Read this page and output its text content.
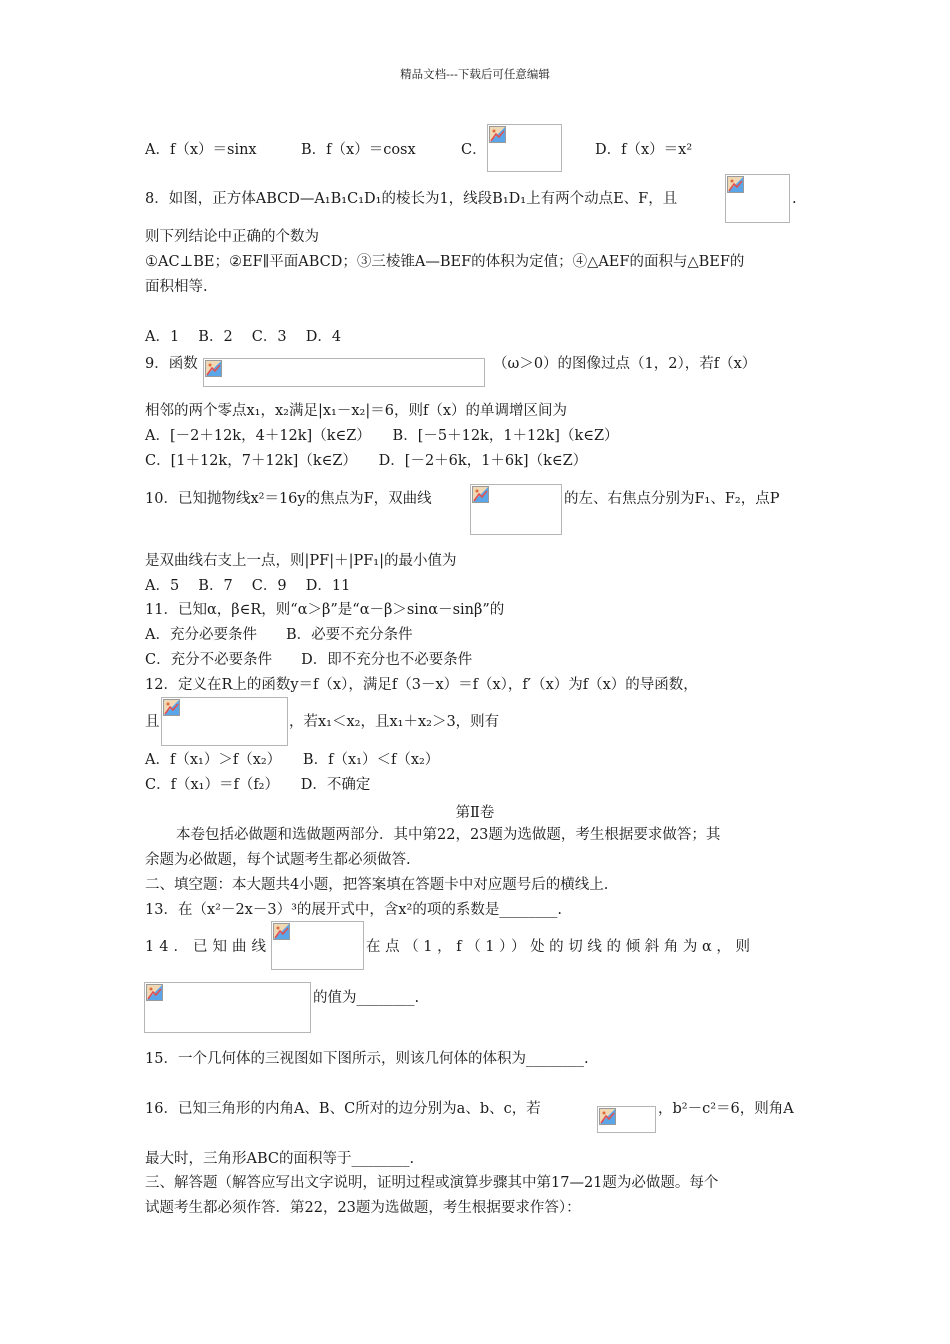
精品文档---下载后可任意编辑
A．f（x）＝sinx	B．f（x）＝cosx	C．	D．f（x）＝x²
8．如图，正方体ABCD—A₁B₁C₁D₁的棱长为1，线段B₁D₁上有两个动点E、F，且	.
则下列结论中正确的个数为
①AC⊥BE；②EF∥平面ABCD；③三棱锥A—BEF的体积为定值；④△AEF的面积与△BEF的
面积相等.
A．1　 B．2　 C．3　 D．4
9．函数	（ω＞0）的图像过点（1，2），若f（x）
相邻的两个零点x₁，x₂满足|x₁－x₂|＝6，则f（x）的单调增区间为
A．[－2＋12k，4＋12k]（k∈Z）　　B．[－5＋12k，1＋12k]（k∈Z）
C．[1＋12k，7＋12k]（k∈Z）　　D．[－2＋6k，1＋6k]（k∈Z）
10．已知抛物线x²＝16y的焦点为F，双曲线	的左、右焦点分别为F₁、F₂，点P
是双曲线右支上一点，则|PF|＋|PF₁|的最小值为
A．5　 B．7　 C．9　 D．11
11．已知α，β∈R，则“α＞β”是“α－β＞sinα－sinβ”的
A．充分必要条件　　B．必要不充分条件
C．充分不必要条件　　D．即不充分也不必要条件
12．定义在R上的函数y＝f（x），满足f（3－x）＝f（x），f′（x）为f（x）的导函数，
且	，若x₁＜x₂，且x₁＋x₂＞3，则有
A．f（x₁）＞f（x₂）　　B．f（x₁）＜f（x₂）
C．f（x₁）＝f（f₂）　　D．不确定
第Ⅱ卷
本卷包括必做题和选做题两部分．其中第22，23题为选做题，考生根据要求做答；其
余题为必做题，每个试题考生都必须做答.
二、填空题：本大题共4小题，把答案填在答题卡中对应题号后的横线上.
13．在（x²－2x－3）³的展开式中，含x²的项的系数是________.
14．已知曲线	在点（1，f（1））处的切线的倾斜角为α，则
的值为________.
15．一个几何体的三视图如下图所示，则该几何体的体积为________.
16．已知三角形的内角A、B、C所对的边分别为a、b、c，若	，b²－c²＝6，则角A
最大时，三角形ABC的面积等于________.
三、解答题（解答应写出文字说明，证明过程或演算步骤其中第17—21题为必做题。每个
试题考生都必须作答．第22，23题为选做题，考生根据要求作答）：
